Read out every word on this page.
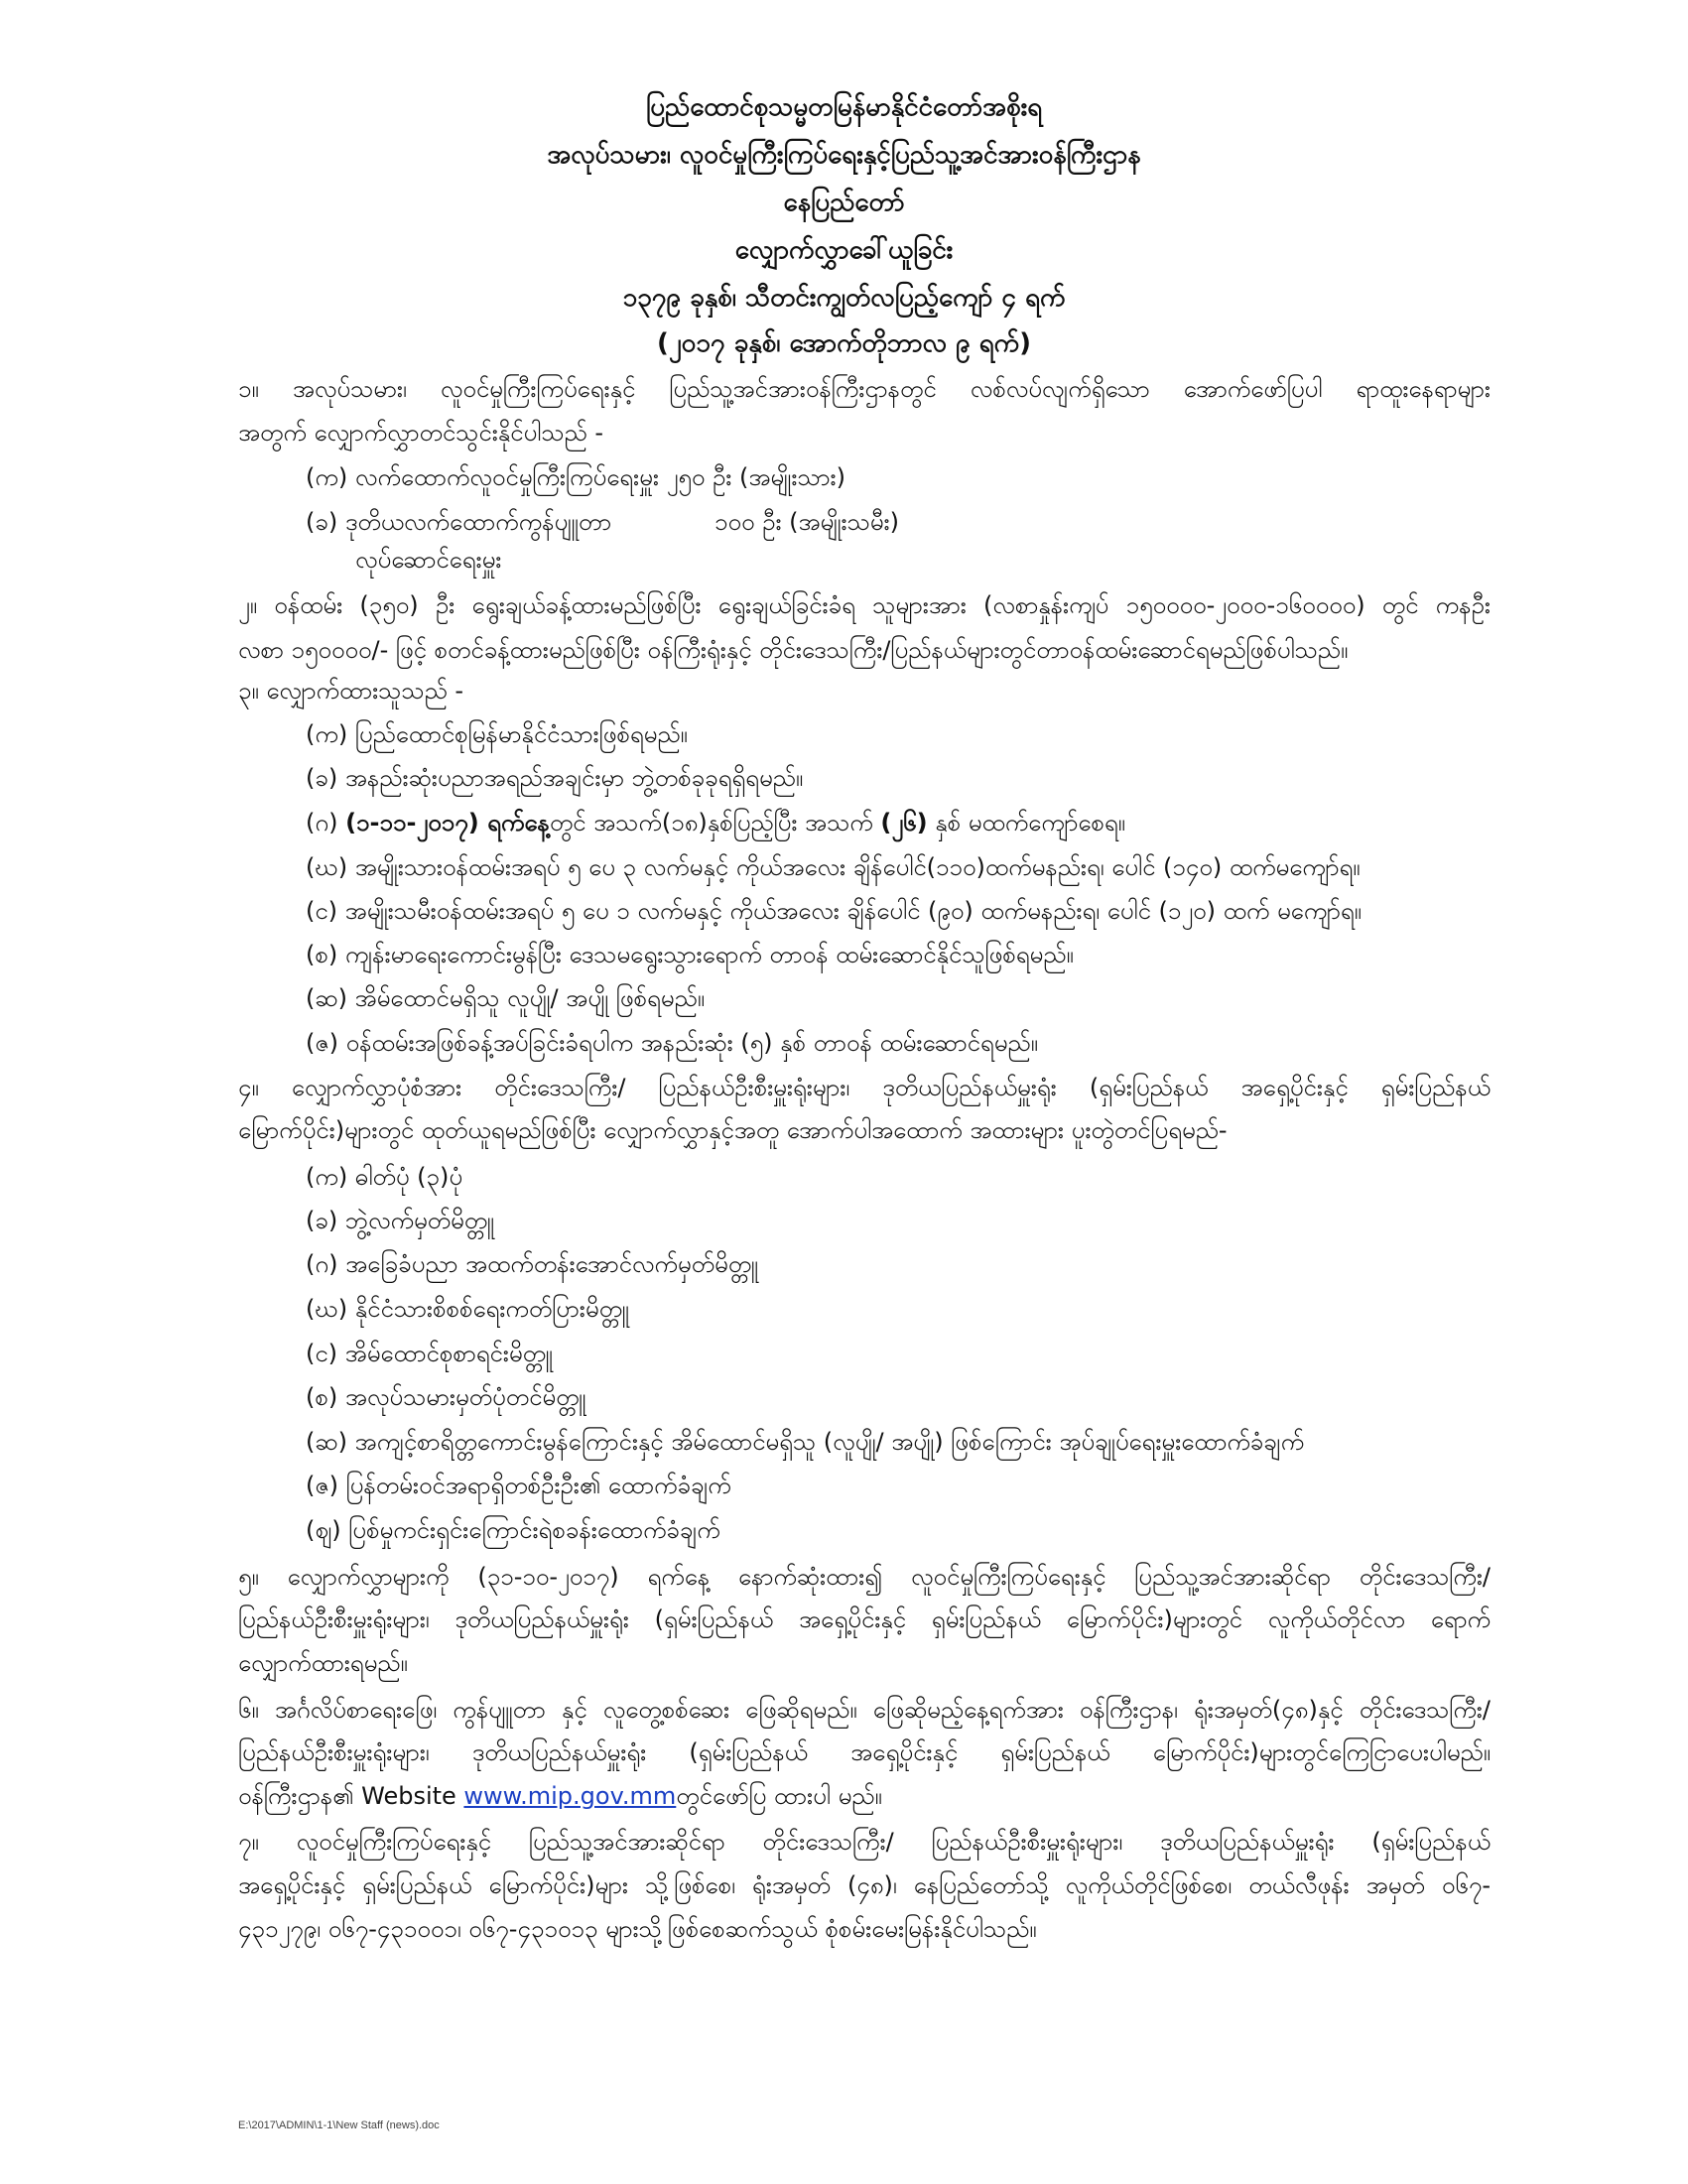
ပြည်ထောင်စုသမ္မတမြန်မာနိုင်ငံတော်အစိုးရ
အလုပ်သမား၊ လူဝင်မှုကြီးကြပ်ရေးနှင့်ပြည်သူ့အင်အားဝန်ကြီးဌာန
နေပြည်တော်
လျှောက်လွှာခေါ်ယူခြင်း
၁၃၇၉ ခုနှစ်၊ သီတင်းကျွတ်လပြည့်ကျော် ၄ ရက်
(၂၀၁၇ ခုနှစ်၊ အောက်တိုဘာလ ၉ ရက်)
၁။ အလုပ်သမား၊ လူဝင်မှုကြီးကြပ်ရေးနှင့် ပြည်သူ့အင်အားဝန်ကြီးဌာနတွင် လစ်လပ်လျက်ရှိသော အောက်ဖော်ပြပါ ရာထူးနေရာများ
အတွက် လျှောက်လွှာတင်သွင်းနိုင်ပါသည် -
(က) လက်ထောက်လူဝင်မှုကြီးကြပ်ရေးမှူး ၂၅၀ ဦး (အမျိုးသား)
(ခ) ဒုတိယလက်ထောက်ကွန်ပျူတာ	၁၀၀ ဦး (အမျိုးသမီး)
လုပ်ဆောင်ရေးမှူး
၂။ ဝန်ထမ်း (၃၅၀) ဦး ရွေးချယ်ခန့်ထားမည်ဖြစ်ပြီး ရွေးချယ်ခြင်းခံရ သူများအား (လစာနှုန်းကျပ် ၁၅၀၀၀၀-၂၀၀၀-၁၆၀၀၀၀) တွင် ကနဦး
လစာ ၁၅၀၀၀၀/- ဖြင့် စတင်ခန့်ထားမည်ဖြစ်ပြီး ဝန်ကြီးရုံးနှင့် တိုင်းဒေသကြီး/ပြည်နယ်များတွင်တာဝန်ထမ်းဆောင်ရမည်ဖြစ်ပါသည်။
၃။ လျှောက်ထားသူသည် -
(က) ပြည်ထောင်စုမြန်မာနိုင်ငံသားဖြစ်ရမည်။
(ခ) အနည်းဆုံးပညာအရည်အချင်းမှာ ဘွဲ့တစ်ခုခုရရှိရမည်။
(ဂ) (၁-၁၁-၂၀၁၇) ရက်နေ့တွင် အသက်(၁၈)နှစ်ပြည့်ပြီး အသက် (၂၆) နှစ် မထက်ကျော်စေရ။
(ဃ) အမျိုးသားဝန်ထမ်းအရပ် ၅ ပေ ၃ လက်မနှင့် ကိုယ်အလေး ချိန်ပေါင်(၁၁၀)ထက်မနည်းရ၊ ပေါင် (၁၄၀) ထက်မကျော်ရ။
(င) အမျိုးသမီးဝန်ထမ်းအရပ် ၅ ပေ ၁ လက်မနှင့် ကိုယ်အလေး ချိန်ပေါင် (၉၀) ထက်မနည်းရ၊ ပေါင် (၁၂၀) ထက် မကျော်ရ။
(စ) ကျန်းမာရေးကောင်းမွန်ပြီး ဒေသမရွေးသွားရောက် တာဝန် ထမ်းဆောင်နိုင်သူဖြစ်ရမည်။
(ဆ) အိမ်ထောင်မရှိသူ လူပျို/ အပျို ဖြစ်ရမည်။
(ဇ) ဝန်ထမ်းအဖြစ်ခန့်အပ်ခြင်းခံရပါက အနည်းဆုံး (၅) နှစ် တာဝန် ထမ်းဆောင်ရမည်။
၄။ လျှောက်လွှာပုံစံအား တိုင်းဒေသကြီး/ ပြည်နယ်ဦးစီးမှူးရုံးများ၊ ဒုတိယပြည်နယ်မှူးရုံး (ရှမ်းပြည်နယ် အရှေ့ပိုင်းနှင့် ရှမ်းပြည်နယ်
မြောက်ပိုင်း)များတွင် ထုတ်ယူရမည်ဖြစ်ပြီး လျှောက်လွှာနှင့်အတူ အောက်ပါအထောက် အထားများ ပူးတွဲတင်ပြရမည်-
(က) ဓါတ်ပုံ (၃)ပုံ
(ခ) ဘွဲ့လက်မှတ်မိတ္တူ
(ဂ) အခြေခံပညာ အထက်တန်းအောင်လက်မှတ်မိတ္တူ
(ဃ) နိုင်ငံသားစိစစ်ရေးကတ်ပြားမိတ္တူ
(င) အိမ်ထောင်စုစာရင်းမိတ္တူ
(စ) အလုပ်သမားမှတ်ပုံတင်မိတ္တူ
(ဆ) အကျင့်စာရိတ္တကောင်းမွန်ကြောင်းနှင့် အိမ်ထောင်မရှိသူ (လူပျို/ အပျို) ဖြစ်ကြောင်း အုပ်ချုပ်ရေးမှူးထောက်ခံချက်
(ဇ) ပြန်တမ်းဝင်အရာရှိတစ်ဦးဦး၏ ထောက်ခံချက်
(ဈ) ပြစ်မှုကင်းရှင်းကြောင်းရဲစခန်းထောက်ခံချက်
၅။ လျှောက်လွှာများကို (၃၁-၁၀-၂၀၁၇) ရက်နေ့ နောက်ဆုံးထား၍ လူဝင်မှုကြီးကြပ်ရေးနှင့် ပြည်သူ့အင်အားဆိုင်ရာ တိုင်းဒေသကြီး/
ပြည်နယ်ဦးစီးမှူးရုံးများ၊ ဒုတိယပြည်နယ်မှူးရုံး (ရှမ်းပြည်နယ် အရှေ့ပိုင်းနှင့် ရှမ်းပြည်နယ် မြောက်ပိုင်း)များတွင် လူကိုယ်တိုင်လာ ရောက်
လျှောက်ထားရမည်။
၆။ အင်္ဂလိပ်စာရေးဖြေ၊ ကွန်ပျူတာ နှင့် လူတွေ့စစ်ဆေး ဖြေဆိုရမည်။ ဖြေဆိုမည့်နေ့ရက်အား ဝန်ကြီးဌာန၊ ရုံးအမှတ်(၄၈)နှင့် တိုင်းဒေသကြီး/
ပြည်နယ်ဦးစီးမှူးရုံးများ၊ ဒုတိယပြည်နယ်မှူးရုံး (ရှမ်းပြည်နယ် အရှေ့ပိုင်းနှင့် ရှမ်းပြည်နယ် မြောက်ပိုင်း)များတွင်ကြေငြာပေးပါမည်။
ဝန်ကြီးဌာန၏ Website www.mip.gov.mmတွင်ဖော်ပြ ထားပါ မည်။
၇။ လူဝင်မှုကြီးကြပ်ရေးနှင့် ပြည်သူ့အင်အားဆိုင်ရာ တိုင်းဒေသကြီး/ ပြည်နယ်ဦးစီးမှူးရုံးများ၊ ဒုတိယပြည်နယ်မှူးရုံး (ရှမ်းပြည်နယ်
အရှေ့ပိုင်းနှင့် ရှမ်းပြည်နယ် မြောက်ပိုင်း)များ သို့ဖြစ်စေ၊ ရုံးအမှတ် (၄၈)၊ နေပြည်တော်သို့ လူကိုယ်တိုင်ဖြစ်စေ၊ တယ်လီဖုန်း အမှတ် ၀၆၇-
၄၃၁၂၇၉၊ ၀၆၇-၄၃၁၀၀၁၊ ၀၆၇-၄၃၁၀၁၃ များသို့ဖြစ်စေဆက်သွယ် စုံစမ်းမေးမြန်းနိုင်ပါသည်။
E:\2017\ADMIN\1-1\New Staff (news).doc
